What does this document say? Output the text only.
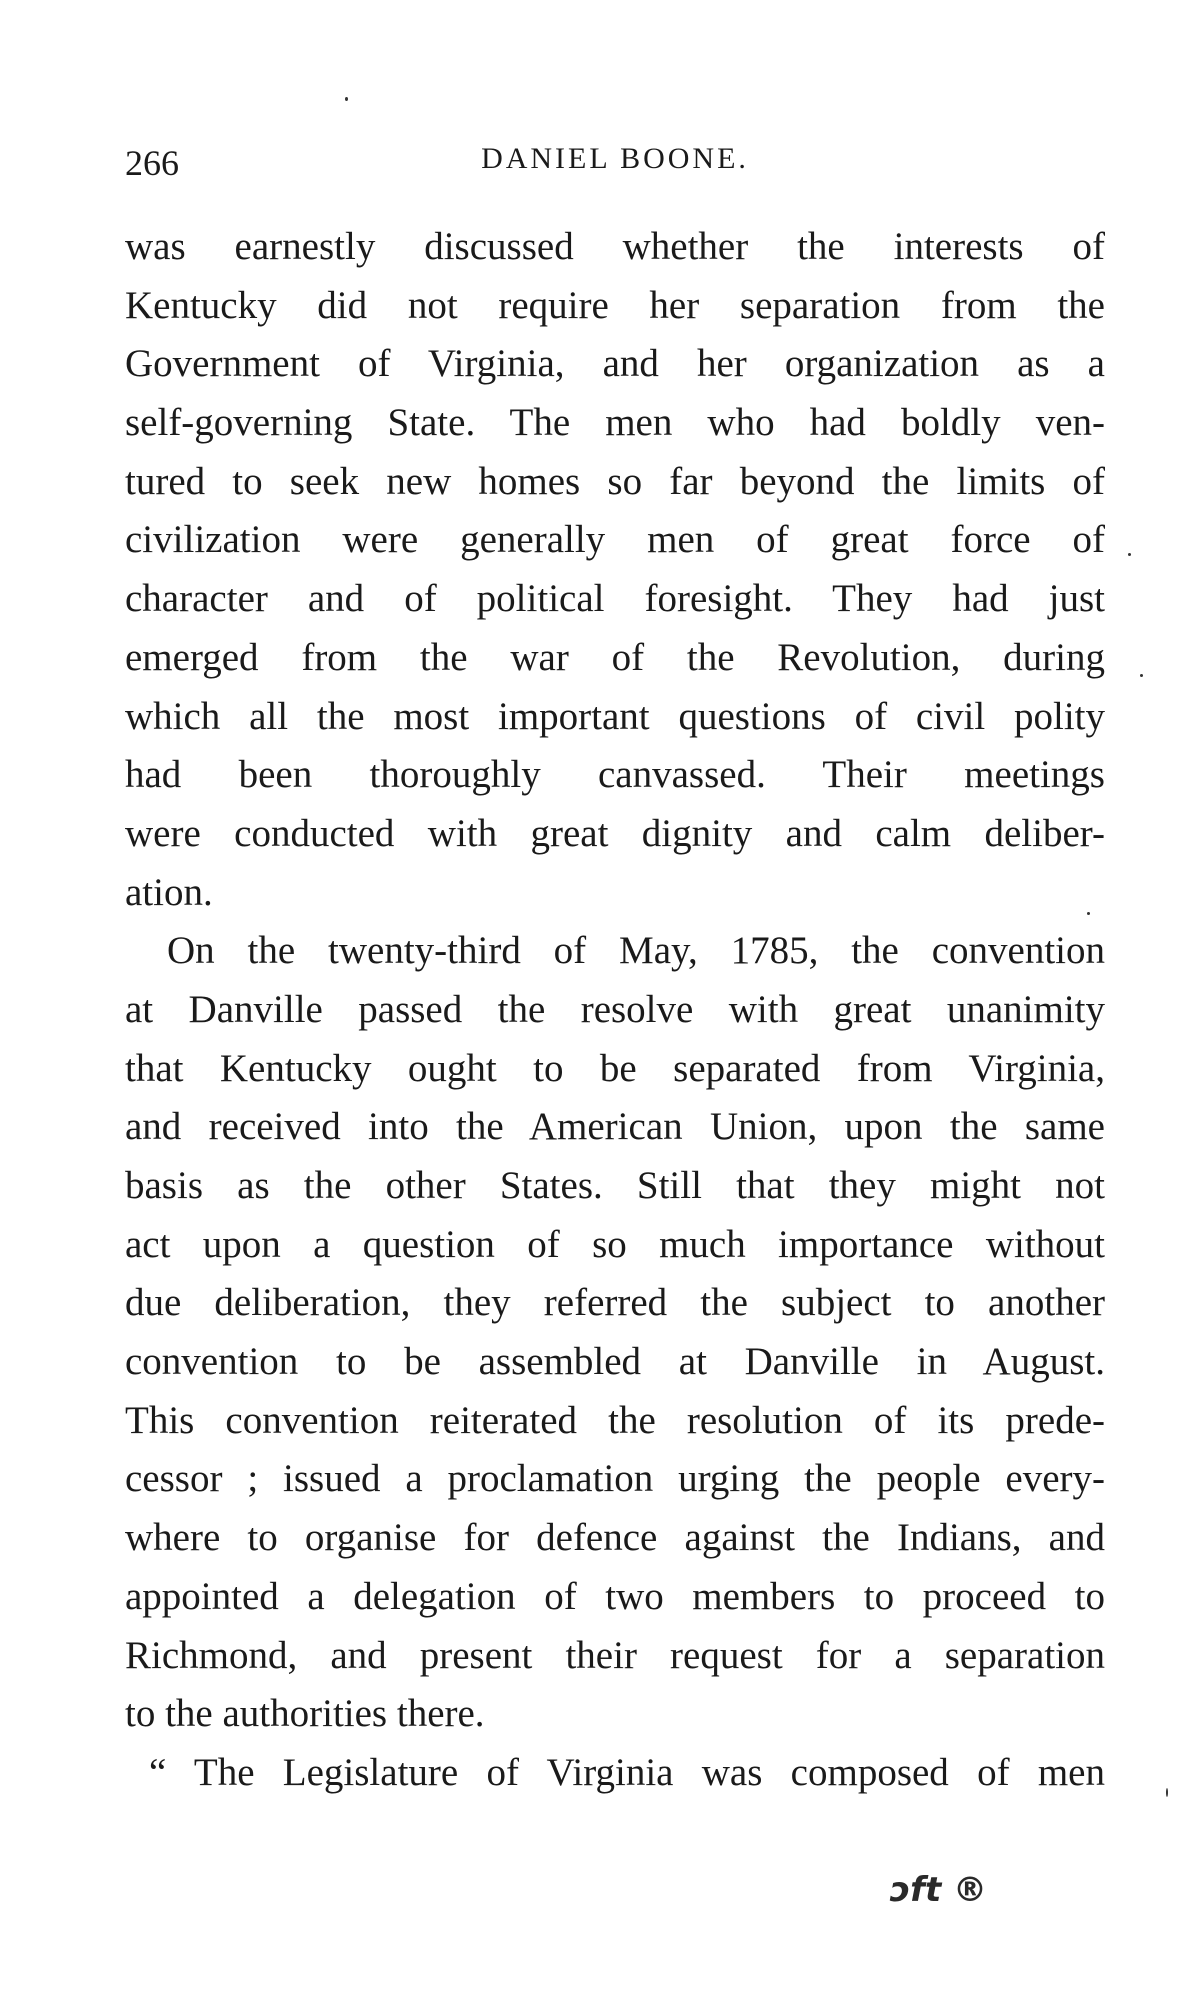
266	DANIEL BOONE.
was earnestly discussed whether the interests of
Kentucky did not require her separation from the
Government of Virginia, and her organization as a
self-governing State. The men who had boldly ven-
tured to seek new homes so far beyond the limits of
civilization were generally men of great force of
character and of political foresight. They had just
emerged from the war of the Revolution, during
which all the most important questions of civil polity
had been thoroughly canvassed. Their meetings
were conducted with great dignity and calm deliber-
ation.
On the twenty-third of May, 1785, the convention
at Danville passed the resolve with great unanimity
that Kentucky ought to be separated from Virginia,
and received into the American Union, upon the same
basis as the other States. Still that they might not
act upon a question of so much importance without
due deliberation, they referred the subject to another
convention to be assembled at Danville in August.
This convention reiterated the resolution of its prede-
cessor ; issued a proclamation urging the people every-
where to organise for defence against the Indians, and
appointed a delegation of two members to proceed to
Richmond, and present their request for a separation
to the authorities there.
“ The Legislature of Virginia was composed of men
ↄft ®
